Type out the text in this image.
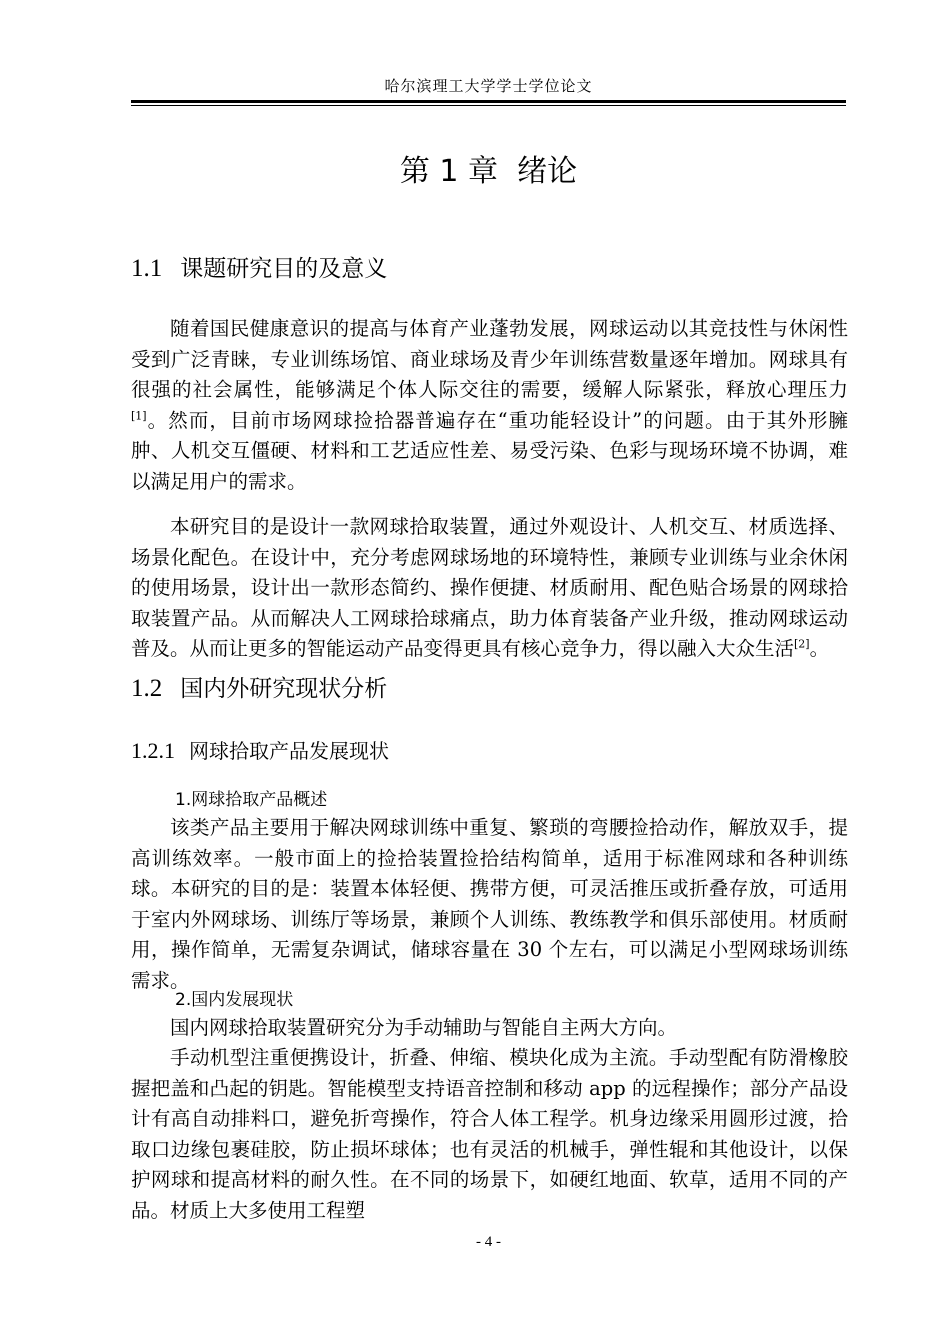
哈尔滨理工大学学士学位论文
第 1 章 绪论
1.1 课题研究目的及意义

随着国民健康意识的提高与体育产业蓬勃发展，网球运动以其竞技性与休闲性受到广泛青睐，专业训练场馆、商业球场及青少年训练营数量逐年增加。网球具有很强的社会属性，能够满足个体人际交往的需要，缓解人际紧张，释放心理压力[1]。然而，目前市场网球捡拾器普遍存在“重功能轻设计”的问题。由于其外形臃肿、人机交互僵硬、材料和工艺适应性差、易受污染、色彩与现场环境不协调，难以满足用户的需求。

本研究目的是设计一款网球拾取装置，通过外观设计、人机交互、材质选择、场景化配色。在设计中，充分考虑网球场地的环境特性，兼顾专业训练与业余休闲的使用场景，设计出一款形态简约、操作便捷、材质耐用、配色贴合场景的网球拾取装置产品。从而解决人工网球拾球痛点，助力体育装备产业升级，推动网球运动普及。从而让更多的智能运动产品变得更具有核心竞争力，得以融入大众生活[2]。

1.2 国内外研究现状分析
1.2.1 网球拾取产品发展现状
1.网球拾取产品概述

该类产品主要用于解决网球训练中重复、繁琐的弯腰捡拾动作，解放双手，提高训练效率。一般市面上的捡拾装置捡拾结构简单，适用于标准网球和各种训练球。本研究的目的是：装置本体轻便、携带方便，可灵活推压或折叠存放，可适用于室内外网球场、训练厅等场景，兼顾个人训练、教练教学和俱乐部使用。材质耐用，操作简单，无需复杂调试，储球容量在 30 个左右，可以满足小型网球场训练需求。

2.国内发展现状

国内网球拾取装置研究分为手动辅助与智能自主两大方向。

手动机型注重便携设计，折叠、伸缩、模块化成为主流。手动型配有防滑橡胶握把盖和凸起的钥匙。智能模型支持语音控制和移动 app 的远程操作；部分产品设计有高自动排料口，避免折弯操作，符合人体工程学。机身边缘采用圆形过渡，拾取口边缘包裹硅胶，防止损坏球体；也有灵活的机械手，弹性辊和其他设计，以保护网球和提高材料的耐久性。在不同的场景下，如硬红地面、软草，适用不同的产品。材质上大多使用工程塑

- 4 -
